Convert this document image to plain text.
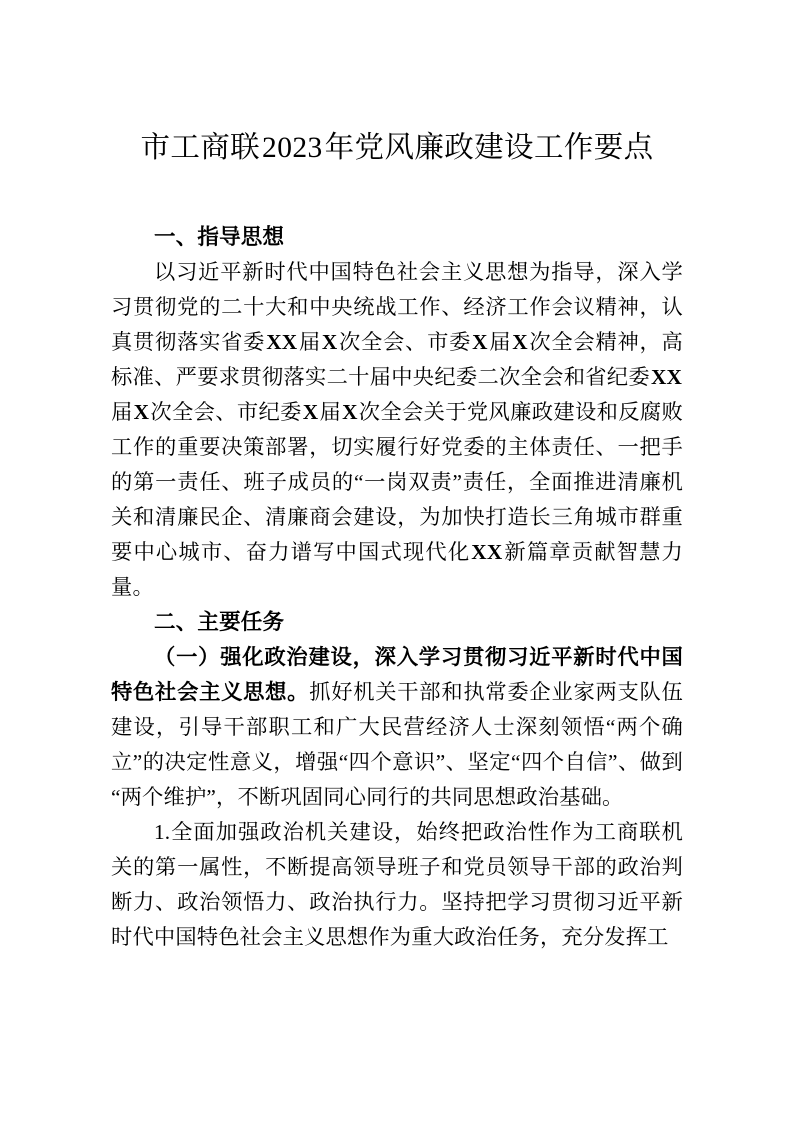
市工商联2023年党风廉政建设工作要点
一、指导思想

以习近平新时代中国特色社会主义思想为指导，深入学习贯彻党的二十大和中央统战工作、经济工作会议精神，认真贯彻落实省委XX届X次全会、市委X届X次全会精神，高标准、严要求贯彻落实二十届中央纪委二次全会和省纪委XX届X次全会、市纪委X届X次全会关于党风廉政建设和反腐败工作的重要决策部署，切实履行好党委的主体责任、一把手的第一责任、班子成员的“一岗双责”责任，全面推进清廉机关和清廉民企、清廉商会建设，为加快打造长三角城市群重要中心城市、奋力谱写中国式现代化XX新篇章贡献智慧力量。

二、主要任务

（一）强化政治建设，深入学习贯彻习近平新时代中国特色社会主义思想。抓好机关干部和执常委企业家两支队伍建设，引导干部职工和广大民营经济人士深刻领悟“两个确立”的决定性意义，增强“四个意识”、坚定“四个自信”、做到“两个维护”，不断巩固同心同行的共同思想政治基础。

1.全面加强政治机关建设，始终把政治性作为工商联机关的第一属性，不断提高领导班子和党员领导干部的政治判断力、政治领悟力、政治执行力。坚持把学习贯彻习近平新时代中国特色社会主义思想作为重大政治任务，充分发挥工
